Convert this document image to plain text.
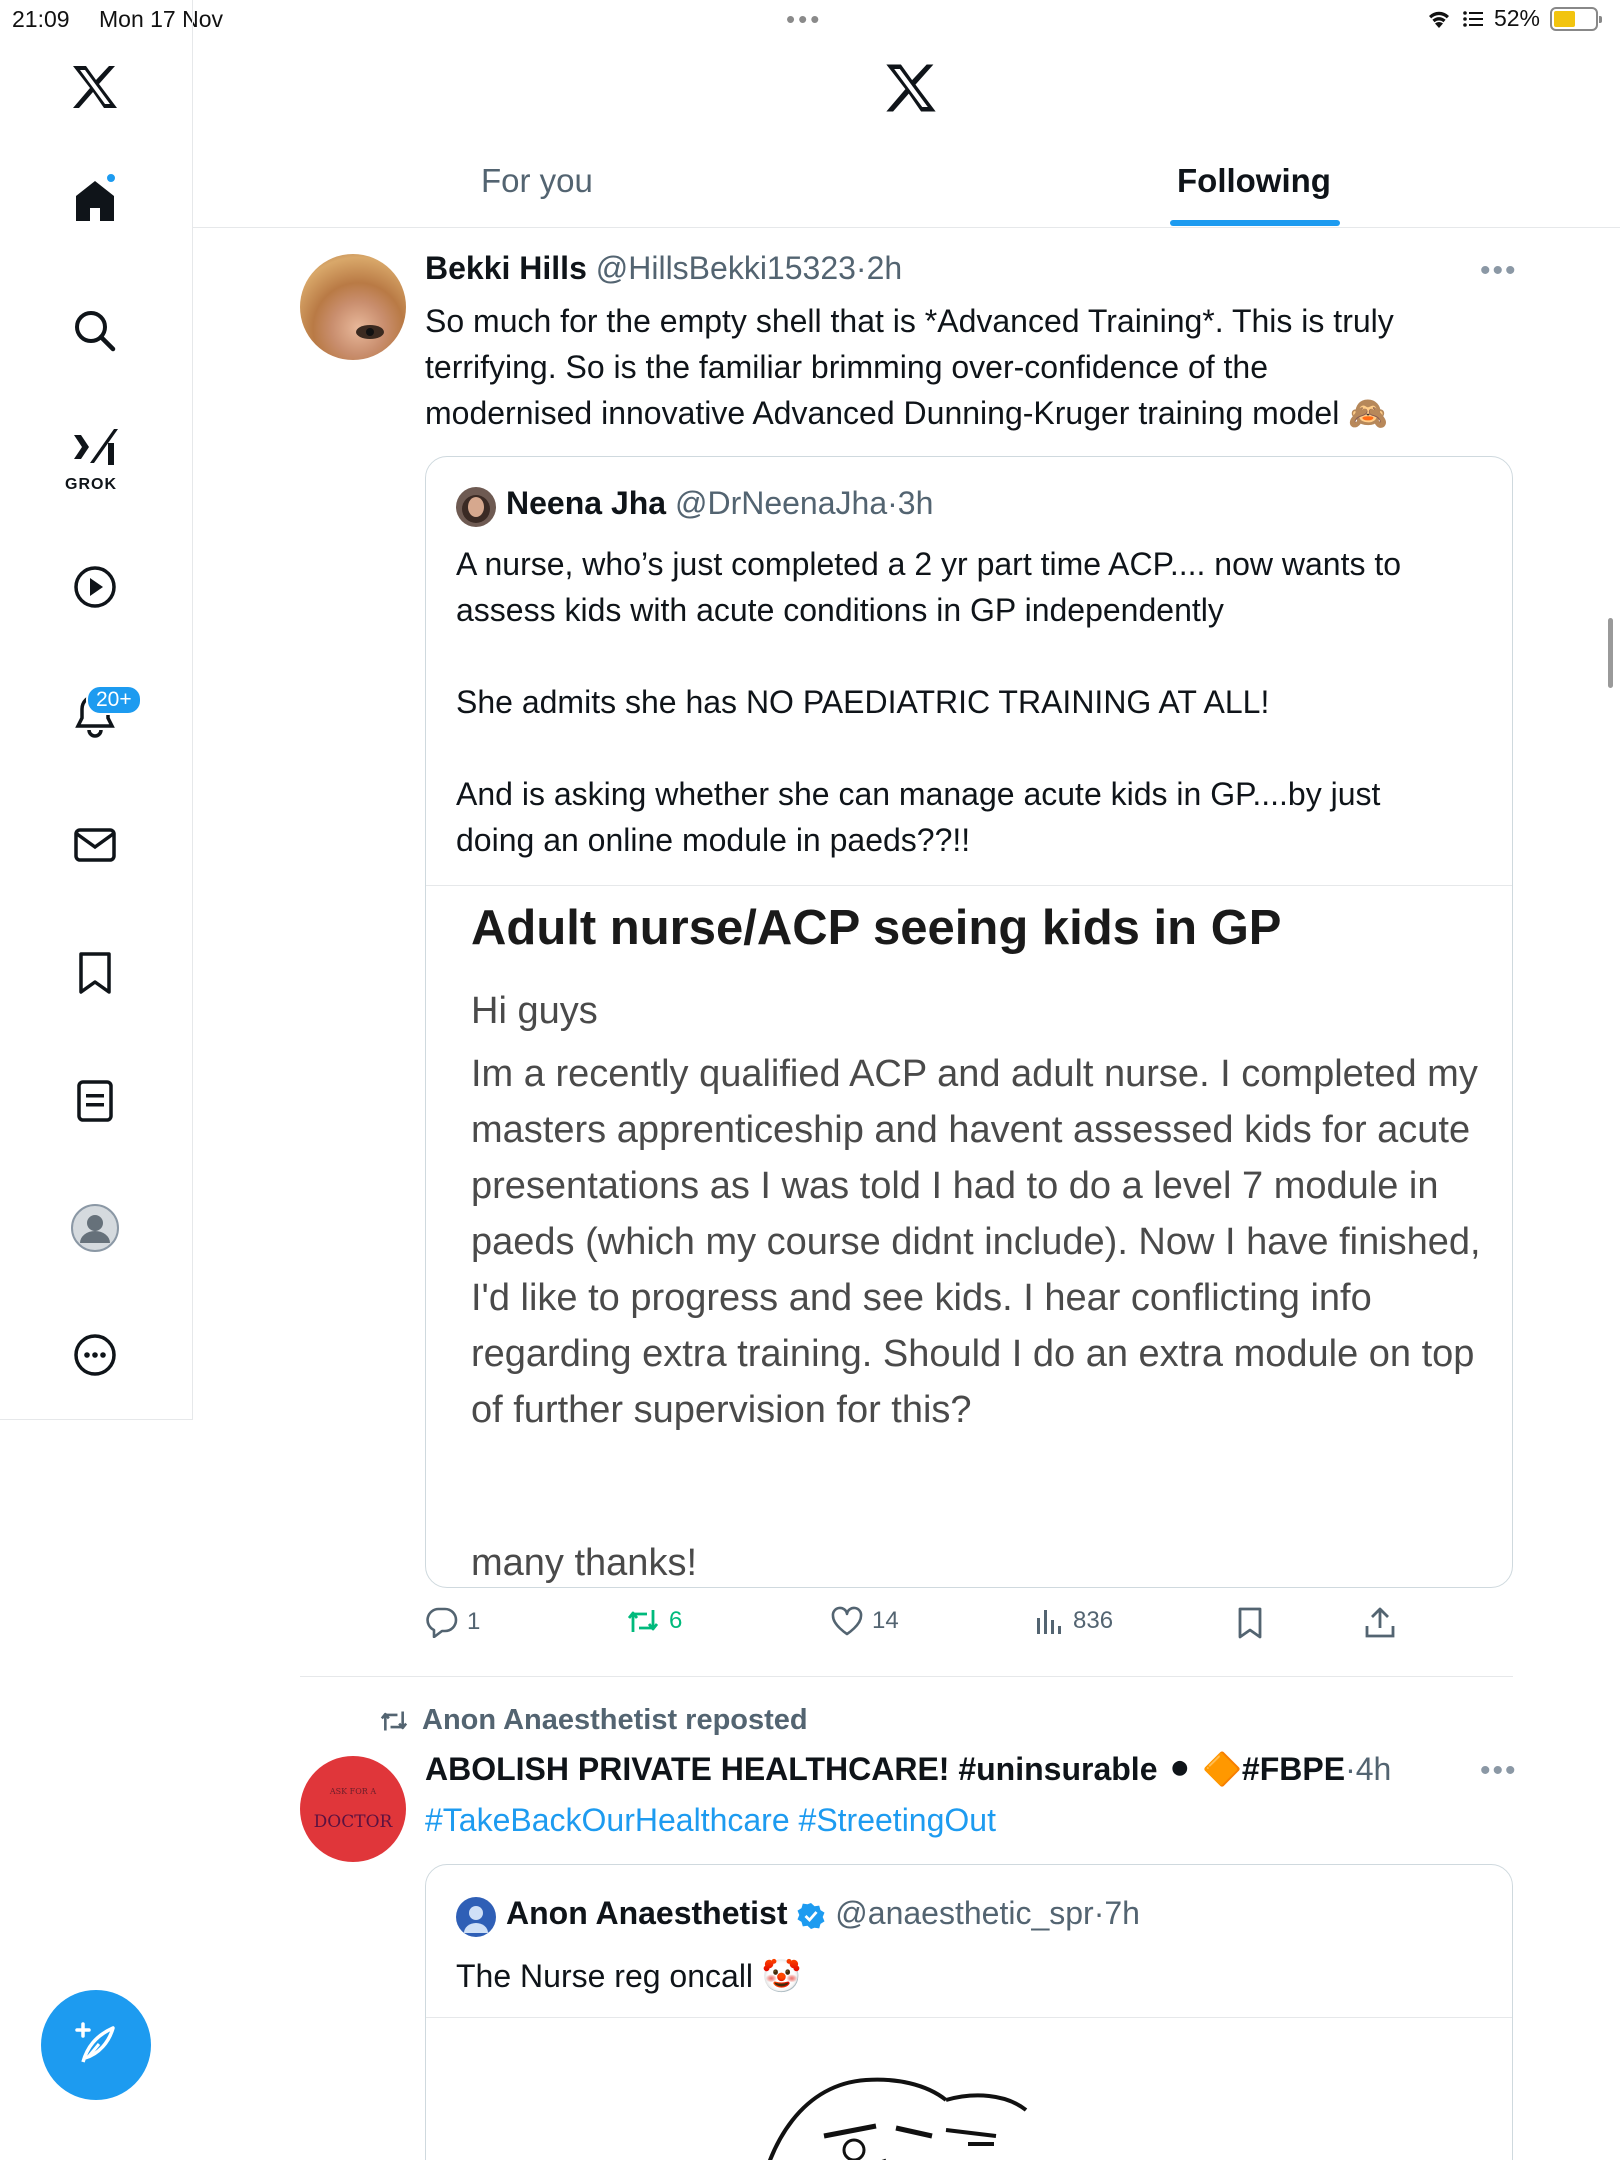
21:09 Mon 17 Nov	•••	52%
GROK
20+
For you	Following
Bekki Hills @HillsBekki15323·2h	•••
So much for the empty shell that is *Advanced Training*. This is truly
terrifying. So is the familiar brimming over-confidence of the
modernised innovative Advanced Dunning-Kruger training model 🙈
Neena Jha @DrNeenaJha·3h
A nurse, who’s just completed a 2 yr part time ACP.... now wants to
assess kids with acute conditions in GP independently
She admits she has NO PAEDIATRIC TRAINING AT ALL!
And is asking whether she can manage acute kids in GP....by just
doing an online module in paeds??!!
Adult nurse/ACP seeing kids in GP
Hi guys
Im a recently qualified ACP and adult nurse. I completed my masters apprenticeship and havent assessed kids for acute presentations as I was told I had to do a level 7 module in paeds (which my course didnt include). Now I have finished, I'd like to progress and see kids. I hear conflicting info regarding extra training. Should I do an extra module on top of further supervision for this?
many thanks!
1	6	14	836
Anon Anaesthetist reposted
ASK FOR A
DOCTOR
ABOLISH PRIVATE HEALTHCARE! #uninsurable ⚫ 🔶#FBPE·4h	•••
#TakeBackOurHealthcare #StreetingOut
Anon Anaesthetist @anaesthetic_spr·7h
The Nurse reg oncall 🤡
